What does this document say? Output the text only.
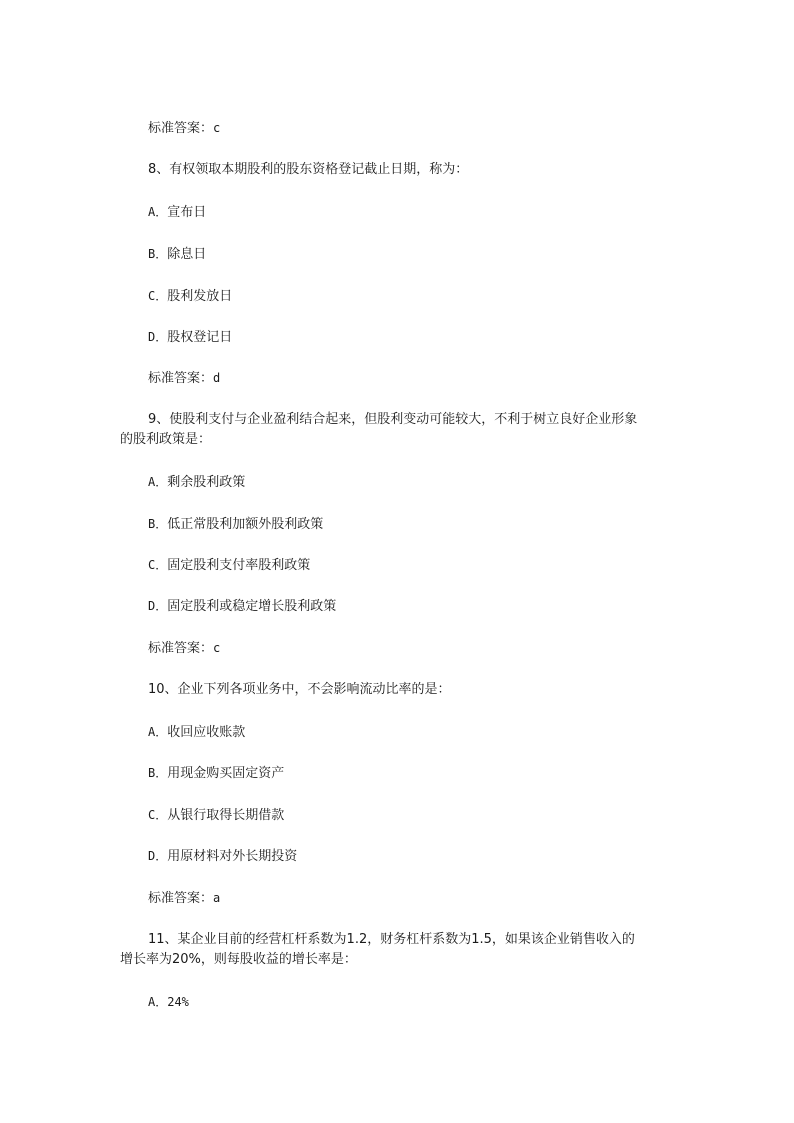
标准答案：c
8、有权领取本期股利的股东资格登记截止日期，称为：
A．宣布日
B．除息日
C．股利发放日
D．股权登记日
标准答案：d
9、使股利支付与企业盈利结合起来，但股利变动可能较大，不利于树立良好企业形象
的股利政策是：
A．剩余股利政策
B．低正常股利加额外股利政策
C．固定股利支付率股利政策
D．固定股利或稳定增长股利政策
标准答案：c
10、企业下列各项业务中，不会影响流动比率的是：
A．收回应收账款
B．用现金购买固定资产
C．从银行取得长期借款
D．用原材料对外长期投资
标准答案：a
11、某企业目前的经营杠杆系数为1.2，财务杠杆系数为1.5，如果该企业销售收入的
增长率为20%，则每股收益的增长率是：
A．24%
